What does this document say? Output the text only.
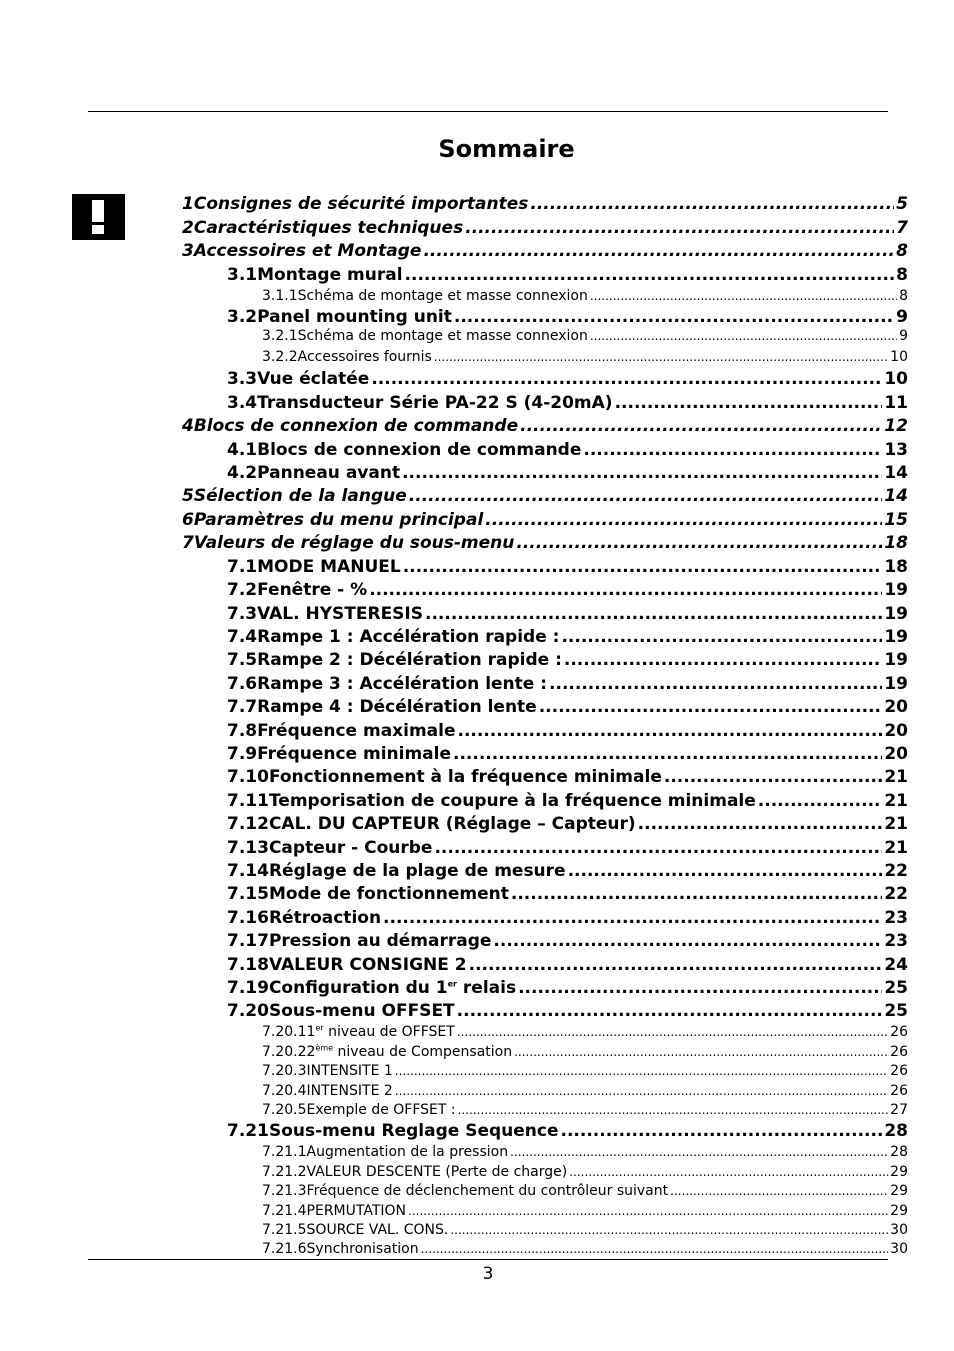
Sommaire
1 Consignes de sécurité importantes .....	5
2 Caractéristiques techniques .....	7
3 Accessoires et Montage .....	8
3.1 Montage mural .....	8
3.1.1 Schéma de montage et masse connexion .....	8
3.2 Panel mounting unit .....	9
3.2.1 Schéma de montage et masse connexion .....	9
3.2.2 Accessoires fournis .....	10
3.3 Vue éclatée .....	10
3.4 Transducteur Série PA-22 S (4-20mA) .....	11
4 Blocs de connexion de commande .....	12
4.1 Blocs de connexion de commande .....	13
4.2 Panneau avant .....	14
5 Sélection de la langue .....	14
6 Paramètres du menu principal .....	15
7 Valeurs de réglage du sous-menu .....	18
7.1 MODE MANUEL .....	18
7.2 Fenêtre - % .....	19
7.3 VAL. HYSTERESIS .....	19
7.4 Rampe 1 : Accélération rapide : .....	19
7.5 Rampe 2 : Décélération rapide : .....	19
7.6 Rampe 3 : Accélération lente : .....	19
7.7 Rampe 4 : Décélération lente .....	20
7.8 Fréquence maximale .....	20
7.9 Fréquence minimale .....	20
7.10 Fonctionnement à la fréquence minimale .....	21
7.11 Temporisation de coupure à la fréquence minimale .....	21
7.12 CAL. DU CAPTEUR (Réglage – Capteur) .....	21
7.13 Capteur - Courbe .....	21
7.14 Réglage de la plage de mesure .....	22
7.15 Mode de fonctionnement .....	22
7.16 Rétroaction .....	23
7.17 Pression au démarrage .....	23
7.18 VALEUR CONSIGNE 2 .....	24
7.19 Configuration du 1er relais .....	25
7.20 Sous-menu OFFSET .....	25
7.20.1 1er niveau de OFFSET .....	26
7.20.2 2ème niveau de Compensation .....	26
7.20.3 INTENSITE 1 .....	26
7.20.4 INTENSITE 2 .....	26
7.20.5 Exemple de OFFSET : .....	27
7.21 Sous-menu Reglage Sequence .....	28
7.21.1 Augmentation de la pression .....	28
7.21.2 VALEUR DESCENTE (Perte de charge) .....	29
7.21.3 Fréquence de déclenchement du contrôleur suivant .....	29
7.21.4 PERMUTATION .....	29
7.21.5 SOURCE VAL. CONS. .....	30
7.21.6 Synchronisation .....	30
3
